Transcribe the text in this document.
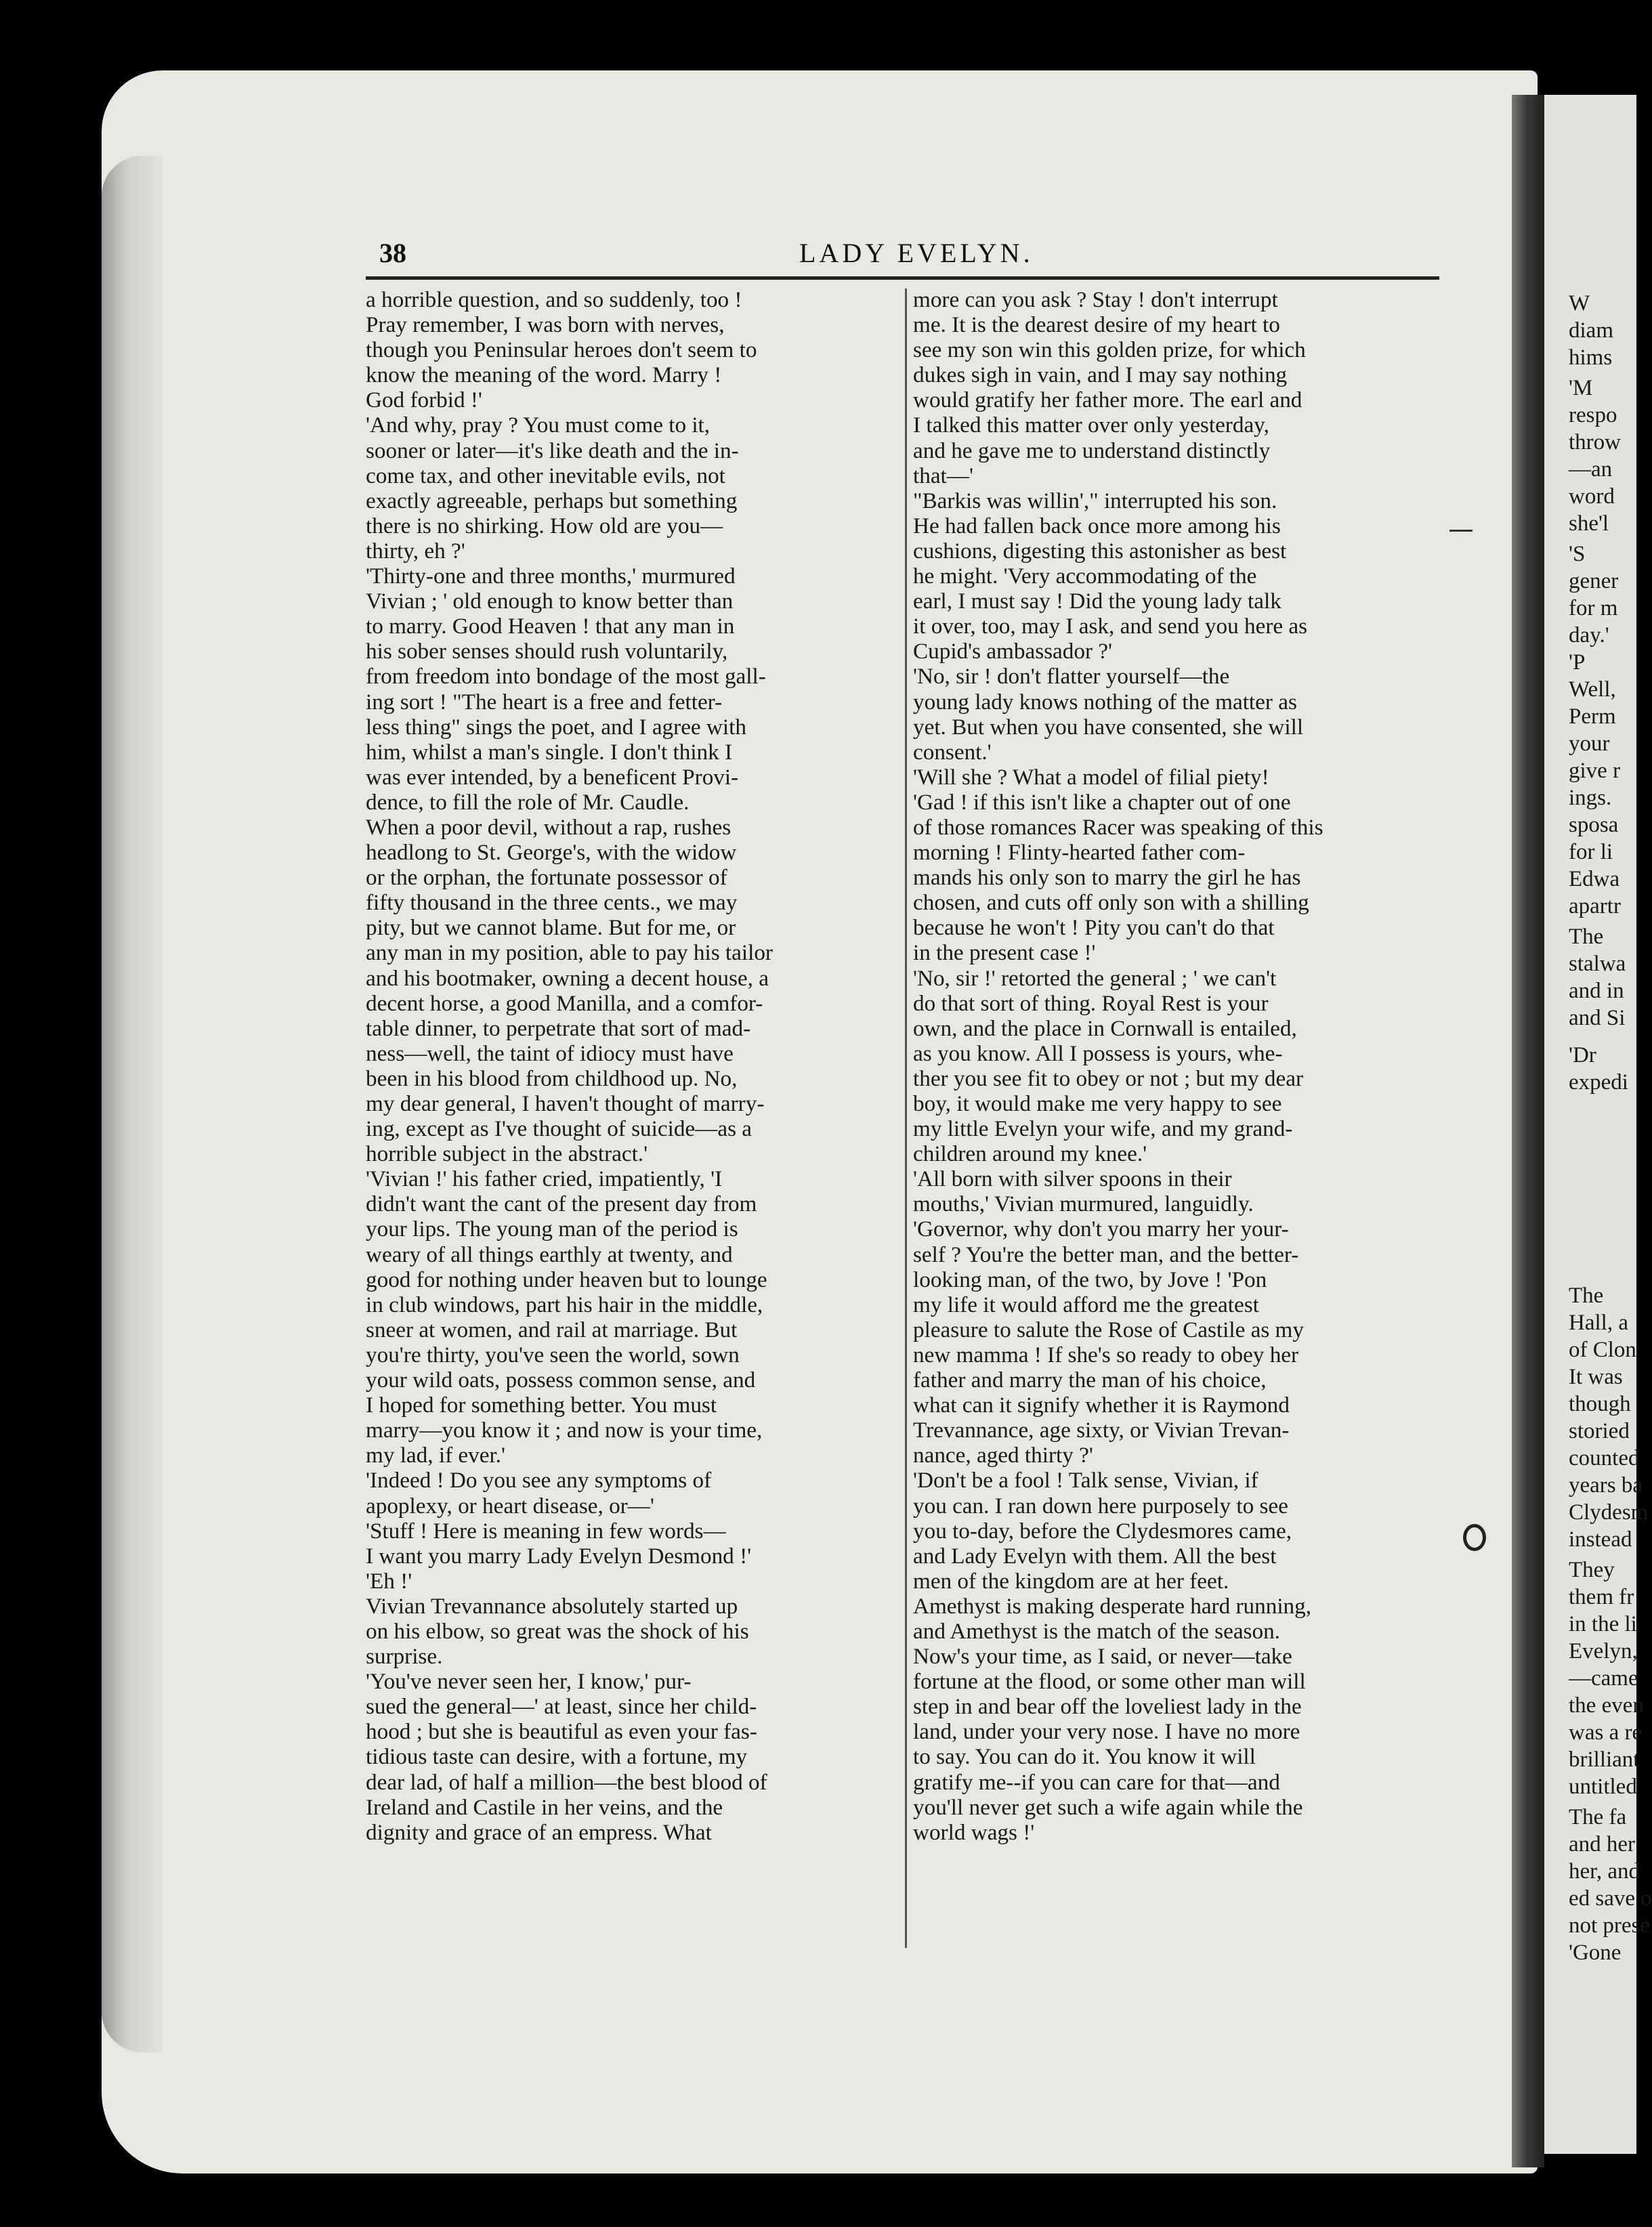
W
diam
hims
'M
respo
throw
—an
word
she'l
'S
gener
for m
day.'
'P
Well,
Perm
your
give r
ings.
sposa
for li
Edwa
apartr
The
stalwa
and in
and Si
'Dr
expedi
The
Hall, a
of Clon
It was
though
storied
counted
years ba
Clydesm
instead
They
them fr
in the li
Evelyn,
—came
the even
was a re
brilliant
untitled
The fa
and her
her, and
ed save o
not prese
'Gone
38	LADY EVELYN.
a horrible question, and so suddenly, too !
Pray remember, I was born with nerves,
though you Peninsular heroes don't seem to
know the meaning of the word. Marry !
God forbid !'
'And why, pray ? You must come to it,
sooner or later—it's like death and the in-
come tax, and other inevitable evils, not
exactly agreeable, perhaps but something
there is no shirking. How old are you—
thirty, eh ?'
'Thirty-one and three months,' murmured
Vivian ; ' old enough to know better than
to marry. Good Heaven ! that any man in
his sober senses should rush voluntarily,
from freedom into bondage of the most gall-
ing sort ! "The heart is a free and fetter-
less thing" sings the poet, and I agree with
him, whilst a man's single. I don't think I
was ever intended, by a beneficent Provi-
dence, to fill the role of Mr. Caudle.
When a poor devil, without a rap, rushes
headlong to St. George's, with the widow
or the orphan, the fortunate possessor of
fifty thousand in the three cents., we may
pity, but we cannot blame. But for me, or
any man in my position, able to pay his tailor
and his bootmaker, owning a decent house, a
decent horse, a good Manilla, and a comfor-
table dinner, to perpetrate that sort of mad-
ness—well, the taint of idiocy must have
been in his blood from childhood up. No,
my dear general, I haven't thought of marry-
ing, except as I've thought of suicide—as a
horrible subject in the abstract.'
'Vivian !' his father cried, impatiently, 'I
didn't want the cant of the present day from
your lips. The young man of the period is
weary of all things earthly at twenty, and
good for nothing under heaven but to lounge
in club windows, part his hair in the middle,
sneer at women, and rail at marriage. But
you're thirty, you've seen the world, sown
your wild oats, possess common sense, and
I hoped for something better. You must
marry—you know it ; and now is your time,
my lad, if ever.'
'Indeed ! Do you see any symptoms of
apoplexy, or heart disease, or—'
'Stuff ! Here is meaning in few words—
I want you marry Lady Evelyn Desmond !'
'Eh !'
Vivian Trevannance absolutely started up
on his elbow, so great was the shock of his
surprise.
'You've never seen her, I know,' pur-
sued the general—' at least, since her child-
hood ; but she is beautiful as even your fas-
tidious taste can desire, with a fortune, my
dear lad, of half a million—the best blood of
Ireland and Castile in her veins, and the
dignity and grace of an empress. What
more can you ask ? Stay ! don't interrupt
me. It is the dearest desire of my heart to
see my son win this golden prize, for which
dukes sigh in vain, and I may say nothing
would gratify her father more. The earl and
I talked this matter over only yesterday,
and he gave me to understand distinctly
that—'
"Barkis was willin'," interrupted his son.
He had fallen back once more among his
cushions, digesting this astonisher as best
he might. 'Very accommodating of the
earl, I must say ! Did the young lady talk
it over, too, may I ask, and send you here as
Cupid's ambassador ?'
'No, sir ! don't flatter yourself—the
young lady knows nothing of the matter as
yet. But when you have consented, she will
consent.'
'Will she ? What a model of filial piety!
'Gad ! if this isn't like a chapter out of one
of those romances Racer was speaking of this
morning ! Flinty-hearted father com-
mands his only son to marry the girl he has
chosen, and cuts off only son with a shilling
because he won't ! Pity you can't do that
in the present case !'
'No, sir !' retorted the general ; ' we can't
do that sort of thing. Royal Rest is your
own, and the place in Cornwall is entailed,
as you know. All I possess is yours, whe-
ther you see fit to obey or not ; but my dear
boy, it would make me very happy to see
my little Evelyn your wife, and my grand-
children around my knee.'
'All born with silver spoons in their
mouths,' Vivian murmured, languidly.
'Governor, why don't you marry her your-
self ? You're the better man, and the better-
looking man, of the two, by Jove ! 'Pon
my life it would afford me the greatest
pleasure to salute the Rose of Castile as my
new mamma ! If she's so ready to obey her
father and marry the man of his choice,
what can it signify whether it is Raymond
Trevannance, age sixty, or Vivian Trevan-
nance, aged thirty ?'
'Don't be a fool ! Talk sense, Vivian, if
you can. I ran down here purposely to see
you to-day, before the Clydesmores came,
and Lady Evelyn with them. All the best
men of the kingdom are at her feet.
Amethyst is making desperate hard running,
and Amethyst is the match of the season.
Now's your time, as I said, or never—take
fortune at the flood, or some other man will
step in and bear off the loveliest lady in the
land, under your very nose. I have no more
to say. You can do it. You know it will
gratify me--if you can care for that—and
you'll never get such a wife again while the
world wags !'
